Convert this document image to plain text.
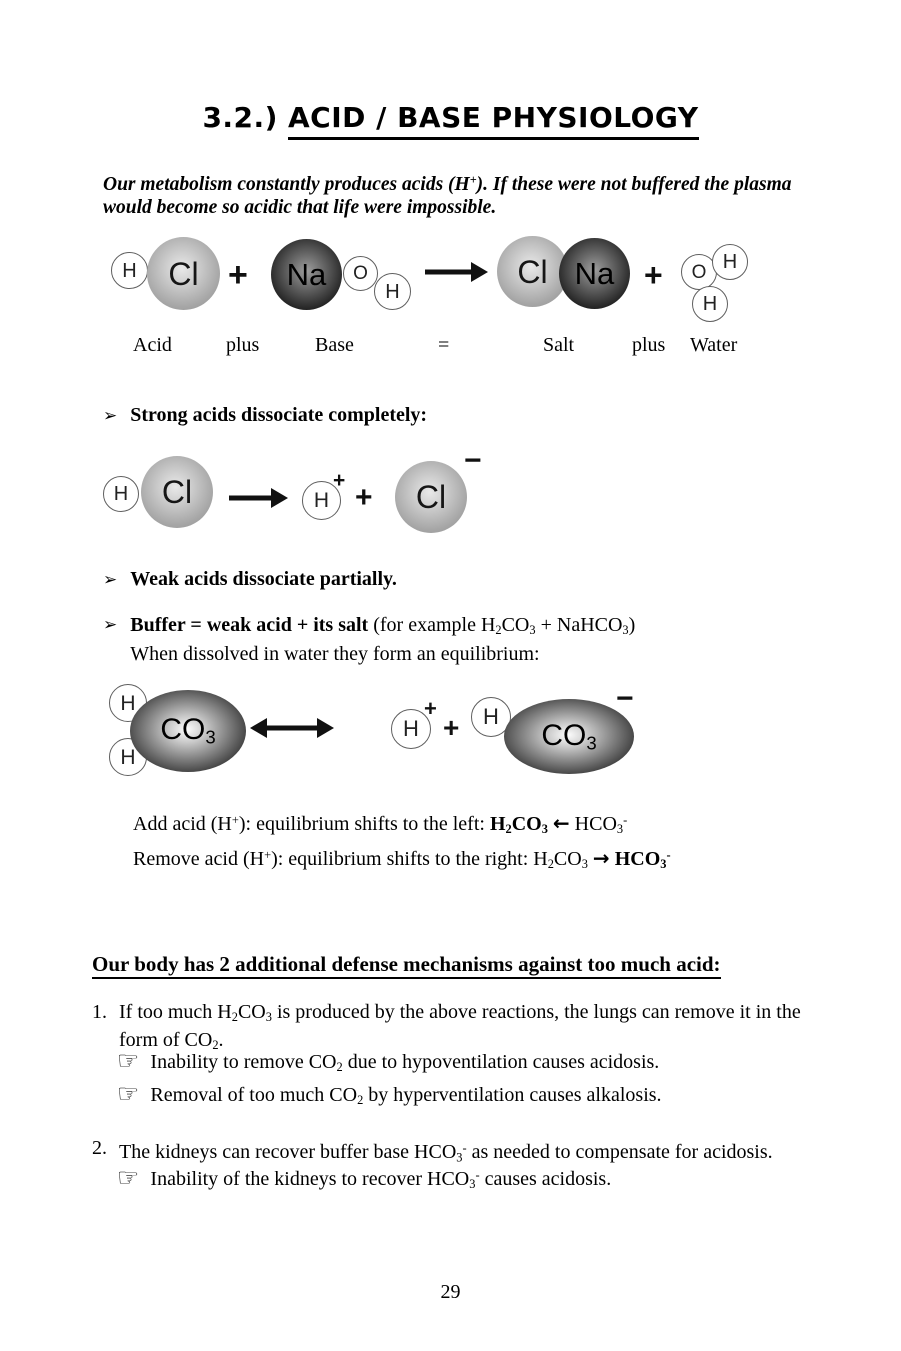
3.2.) ACID / BASE PHYSIOLOGY

Our metabolism constantly produces acids (H+). If these were not buffered the plasma would become so acidic that life were impossible.

H Cl + Na O
H
Cl Na + O H
H
Acid	plus	Base	=	Salt	plus Water
➢ Strong acids dissociate completely:
H Cl	H
+
+ Cl
−
➢ Weak acids dissociate partially.
➢ Buffer = weak acid + its salt (for example $H_2CO_3$ + NaHCO$_3$)
When dissolved in water they form an equilibrium:
H
H
$CO_3$	H
+
+ H
$CO_3$
−
Add acid (H+): equilibrium shifts to the left: $H_2CO_3$ ← $HCO_3^-$
Remove acid (H+): equilibrium shifts to the right: $H_2CO_3 \to HCO_3^-$
Our body has 2 additional defense mechanisms against too much acid:
1. If too much $H_2CO_3$ is produced by the above reactions, the lungs can remove it in the form of $CO_2$.
☞ Inability to remove $CO_2$ due to hypoventilation causes acidosis.
☞ Removal of too much $CO_2$ by hyperventilation causes alkalosis.
2. The kidneys can recover buffer base $HCO_3^-$ as needed to compensate for acidosis.
☞ Inability of the kidneys to recover $HCO_3^-$ causes acidosis.
29
